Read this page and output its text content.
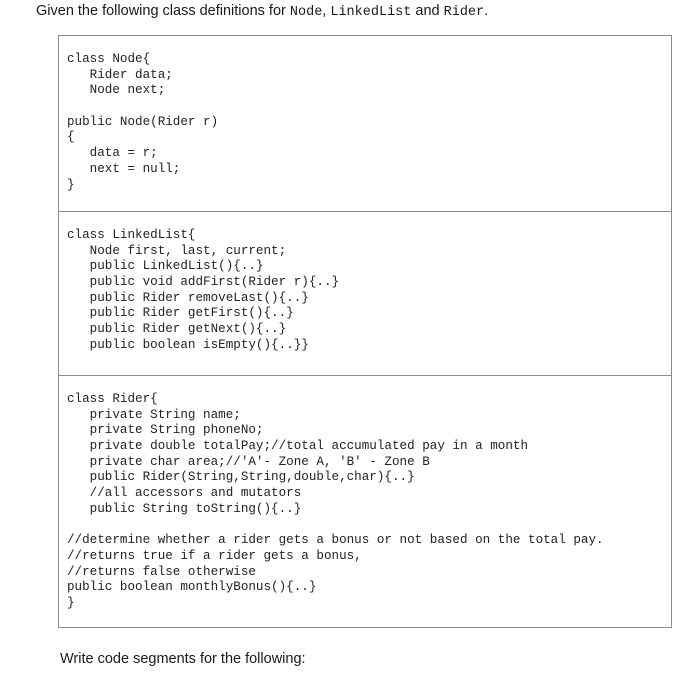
Given the following class definitions for Node, LinkedList and Rider.
class Node{
Rider data;
Node next;
public Node(Rider r)
{
data = r;
next = null;
}
class LinkedList{
Node first, last, current;
public LinkedList(){..}
public void addFirst(Rider r){..}
public Rider removeLast(){..}
public Rider getFirst(){..}
public Rider getNext(){..}
public boolean isEmpty(){..}}
class Rider{
private String name;
private String phoneNo;
private double totalPay;//total accumulated pay in a month
private char area;//'A'- Zone A, 'B' - Zone B
public Rider(String,String,double,char){..}
//all accessors and mutators
public String toString(){..}
//determine whether a rider gets a bonus or not based on the total pay.
//returns true if a rider gets a bonus,
//returns false otherwise
public boolean monthlyBonus(){..}
}
Write code segments for the following:
